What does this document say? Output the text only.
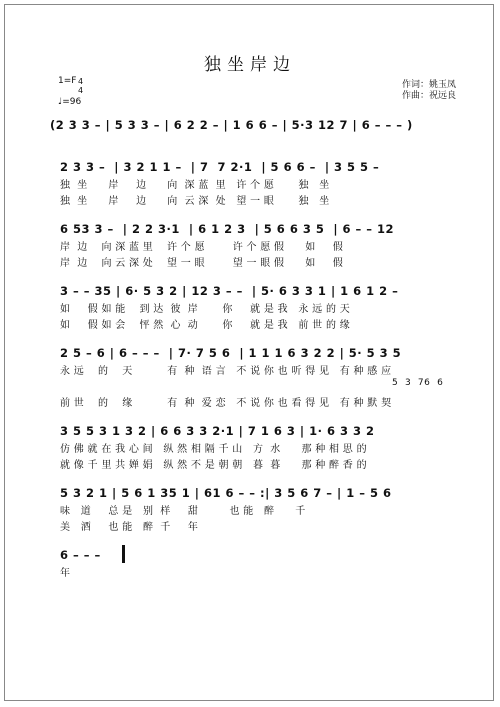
独坐岸边
1=F 4
4
♩=96
作词：姚玉凤
作曲：祝远良
(2 3 3 – | 5 3 3 – | 6 2 2 – | 1 6 6 – | 5·3 12 7 | 6 – – – )
2 3 3 –  | 3 2 1 1 –  | 7  7 2·1  | 5 6 6 –  | 3 5 5 –
独  坐      岸     边      向  深 蓝  里   许 个 愿       独   坐
独  坐      岸     边      向  云 深  处   望 一 眼       独   坐
6 53 3 –  | 2 2 3·1  | 6 1 2 3  | 5 6 6 3 5  | 6 – – 12
岸  边    向 深 蓝 里    许 个 愿        许 个 愿 假      如     假
岸  边    向 云 深 处    望 一 眼        望 一 眼 假      如     假
3 – – 35 | 6· 5 3 2 | 12 3 – –  | 5· 6 3 3 1 | 1 6 1 2 –
如     假 如 能    到 达  彼  岸       你     就 是 我   永 远 的 天
如     假 如 会    怦 然  心  动       你     就 是 我   前 世 的 缘
2 5 – 6 | 6 – – –  | 7· 7 5 6  | 1 1 1 6 3 2 2 | 5· 5 3 5
永 远    的    天          有  种  语 言   不 说 你 也 听 得 见   有 种 感 应
5  3  76  6
前 世    的    缘          有  种  爱 恋   不 说 你 也 看 得 见   有 种 默 契
3 5 5 3 1 3 2 | 6 6 3 3 2·1 | 7 1 6 3 | 1· 6 3 3 2
仿 佛 就 在 我 心 间   纵 然 相 隔 千 山   方  水      那 种 相 思 的
就 像 千 里 共 婵 娟   纵 然 不 是 朝 朝   暮  暮      那 种 醉 香 的
5 3 2 1 | 5 6 1 35 1 | 61 6 – – :| 3 5 6 7 – | 1 – 5 6
味   道     总 是   别  样     甜         也 能   醉      千
美   酒     也 能   醉  千     年
6 – – –
年
